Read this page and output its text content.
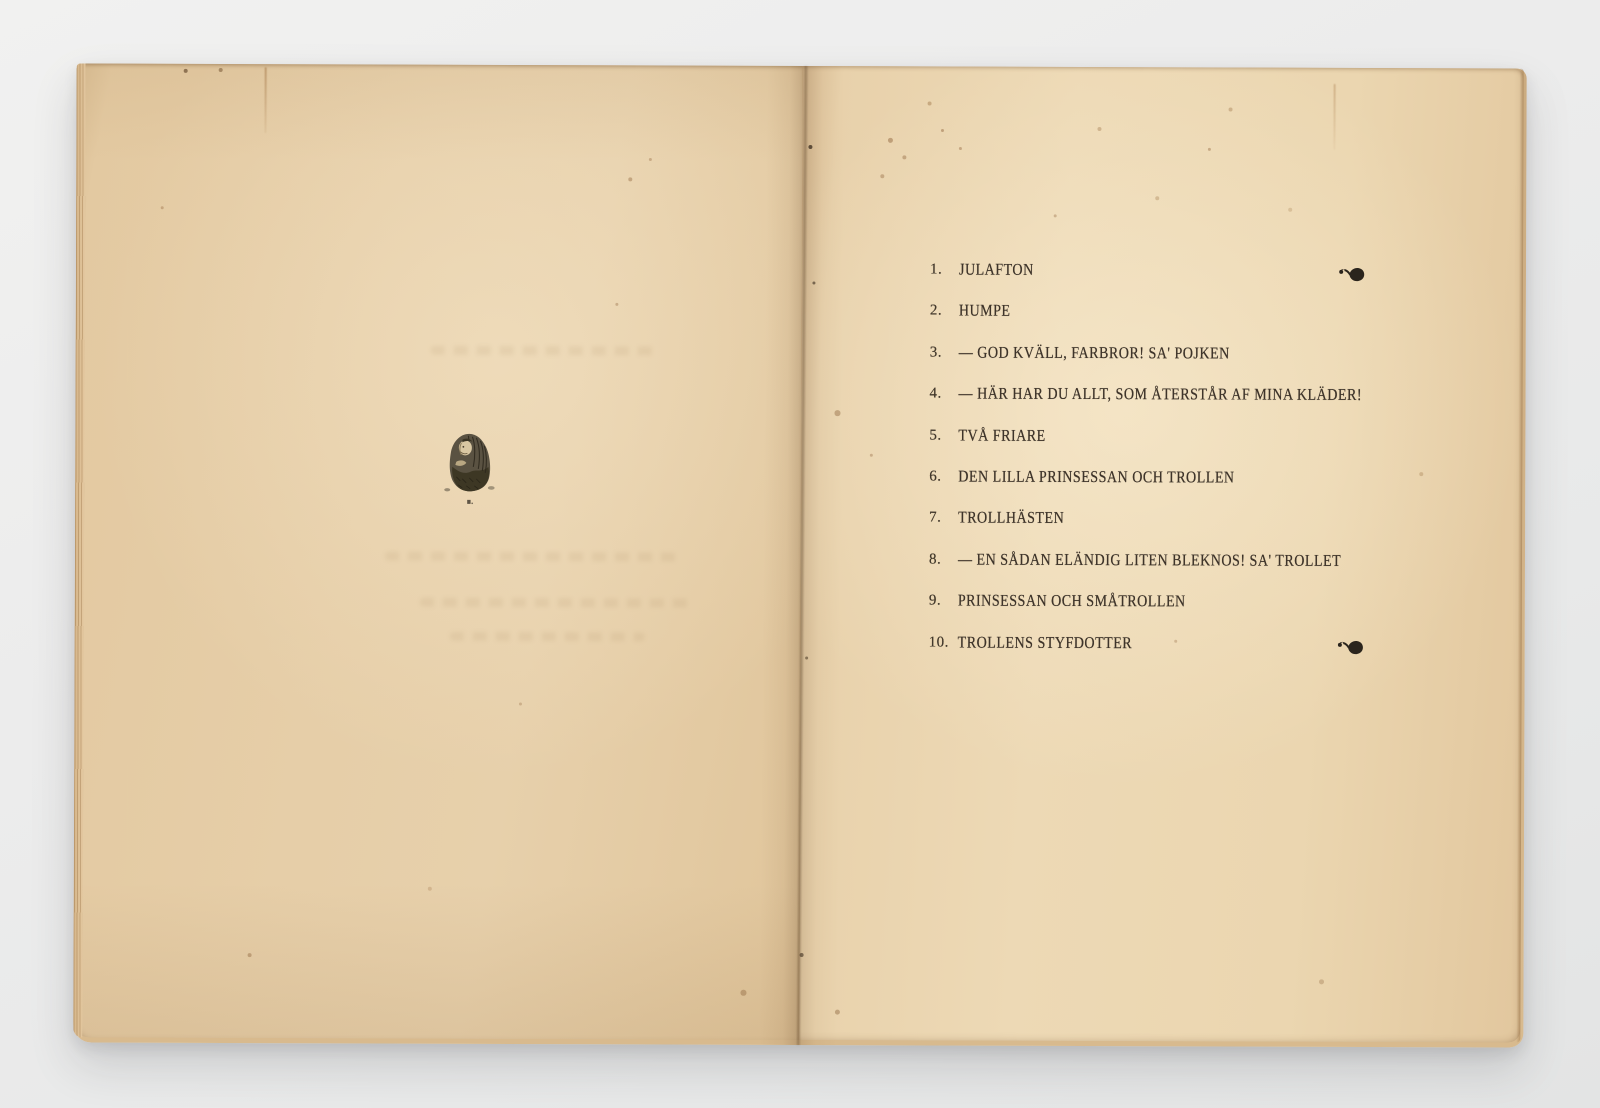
1. JULAFTON
2. HUMPE
3. — GOD KVÄLL, FARBROR! SA' POJKEN
4. — HÄR HAR DU ALLT, SOM ÅTERSTÅR AF MINA KLÄDER!
5. TVÅ FRIARE
6. DEN LILLA PRINSESSAN OCH TROLLEN
7. TROLLHÄSTEN
8. — EN SÅDAN ELÄNDIG LITEN BLEKNOS! SA' TROLLET
9. PRINSESSAN OCH SMÅTROLLEN
10. TROLLENS STYFDOTTER
